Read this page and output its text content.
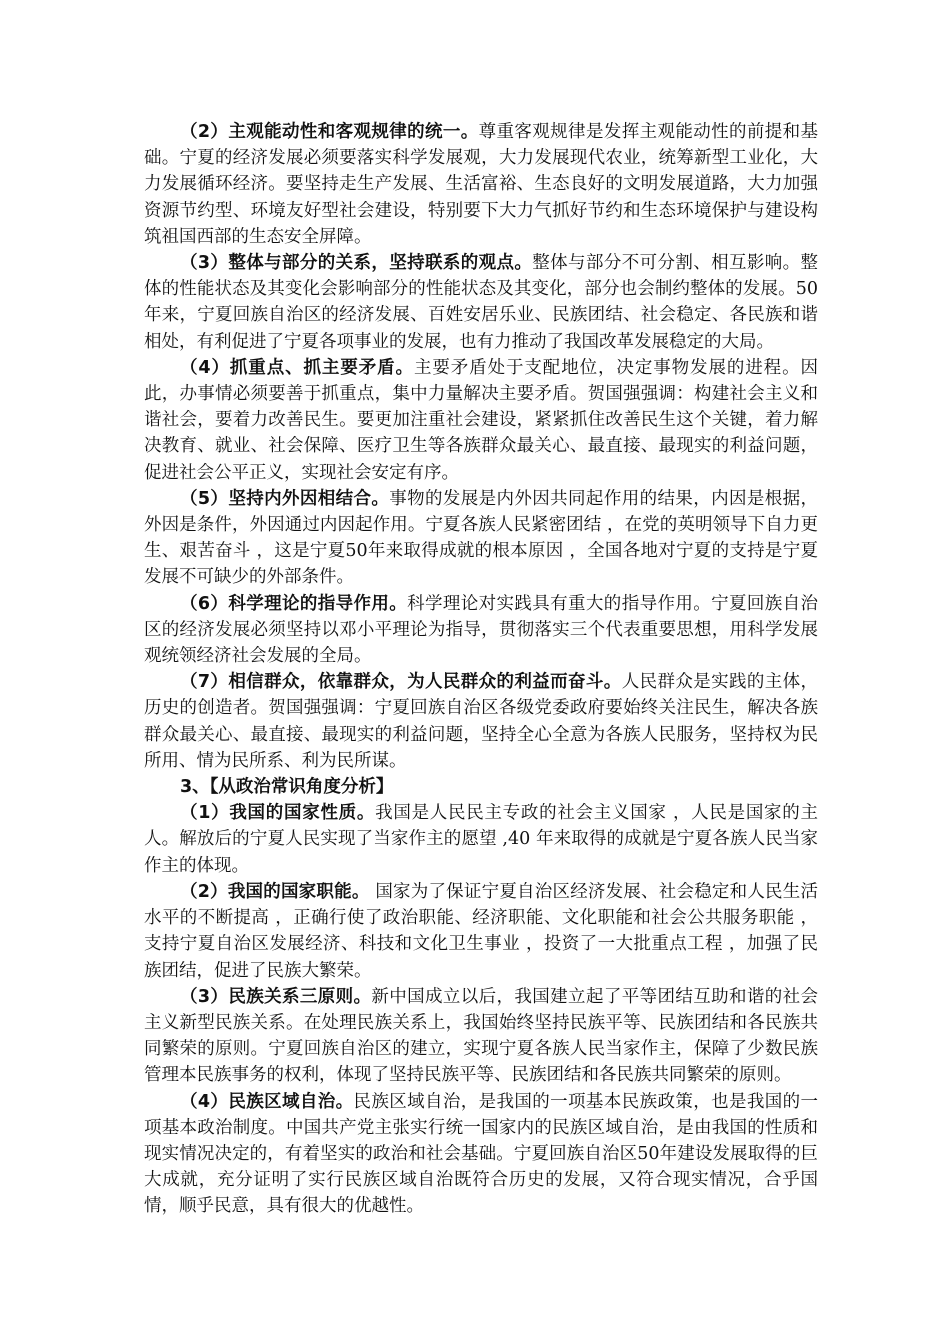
（2）主观能动性和客观规律的统一。尊重客观规律是发挥主观能动性的前提和基础。宁夏的经济发展必须要落实科学发展观，大力发展现代农业，统筹新型工业化，大力发展循环经济。要坚持走生产发展、生活富裕、生态良好的文明发展道路，大力加强资源节约型、环境友好型社会建设，特别要下大力气抓好节约和生态环境保护与建设构筑祖国西部的生态安全屏障。

（3）整体与部分的关系，坚持联系的观点。整体与部分不可分割、相互影响。整体的性能状态及其变化会影响部分的性能状态及其变化，部分也会制约整体的发展。50年来，宁夏回族自治区的经济发展、百姓安居乐业、民族团结、社会稳定、各民族和谐相处，有利促进了宁夏各项事业的发展，也有力推动了我国改革发展稳定的大局。

（4）抓重点、抓主要矛盾。主要矛盾处于支配地位，决定事物发展的进程。因此，办事情必须要善于抓重点，集中力量解决主要矛盾。贺国强强调：构建社会主义和谐社会，要着力改善民生。要更加注重社会建设，紧紧抓住改善民生这个关键，着力解决教育、就业、社会保障、医疗卫生等各族群众最关心、最直接、最现实的利益问题，促进社会公平正义，实现社会安定有序。

（5）坚持内外因相结合。事物的发展是内外因共同起作用的结果，内因是根据，外因是条件，外因通过内因起作用。宁夏各族人民紧密团结 ，在党的英明领导下自力更生、艰苦奋斗 ，这是宁夏50年来取得成就的根本原因 ，全国各地对宁夏的支持是宁夏发展不可缺少的外部条件。

（6）科学理论的指导作用。科学理论对实践具有重大的指导作用。宁夏回族自治区的经济发展必须坚持以邓小平理论为指导，贯彻落实三个代表重要思想，用科学发展观统领经济社会发展的全局。

（7）相信群众，依靠群众，为人民群众的利益而奋斗。人民群众是实践的主体，历史的创造者。贺国强强调：宁夏回族自治区各级党委政府要始终关注民生，解决各族群众最关心、最直接、最现实的利益问题，坚持全心全意为各族人民服务，坚持权为民所用、情为民所系、利为民所谋。

3、【从政治常识角度分析】

（1）我国的国家性质。我国是人民民主专政的社会主义国家 ，人民是国家的主人。解放后的宁夏人民实现了当家作主的愿望 ,40 年来取得的成就是宁夏各族人民当家作主的体现。

（2）我国的国家职能。 国家为了保证宁夏自治区经济发展、社会稳定和人民生活水平的不断提高 ，正确行使了政治职能、经济职能、文化职能和社会公共服务职能 ，支持宁夏自治区发展经济、科技和文化卫生事业 ，投资了一大批重点工程 ，加强了民族团结，促进了民族大繁荣。

（3）民族关系三原则。新中国成立以后，我国建立起了平等团结互助和谐的社会主义新型民族关系。在处理民族关系上，我国始终坚持民族平等、民族团结和各民族共同繁荣的原则。宁夏回族自治区的建立，实现宁夏各族人民当家作主，保障了少数民族管理本民族事务的权利，体现了坚持民族平等、民族团结和各民族共同繁荣的原则。

（4）民族区域自治。民族区域自治，是我国的一项基本民族政策，也是我国的一项基本政治制度。中国共产党主张实行统一国家内的民族区域自治，是由我国的性质和现实情况决定的，有着坚实的政治和社会基础。宁夏回族自治区50年建设发展取得的巨大成就，充分证明了实行民族区域自治既符合历史的发展，又符合现实情况，合乎国情，顺乎民意，具有很大的优越性。
